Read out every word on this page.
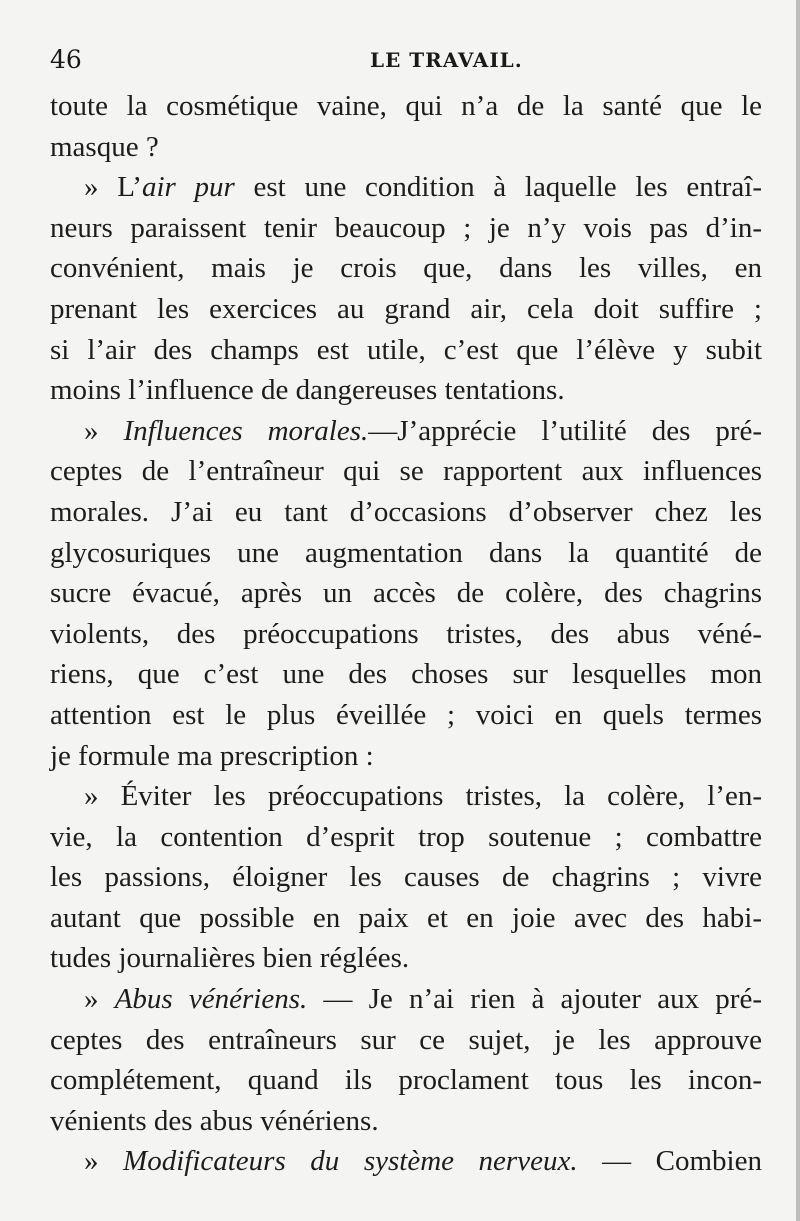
46	LE TRAVAIL.
toute la cosmétique vaine, qui n’a de la santé que le
masque ?
» L’air pur est une condition à laquelle les entraî-
neurs paraissent tenir beaucoup ; je n’y vois pas d’in-
convénient, mais je crois que, dans les villes, en
prenant les exercices au grand air, cela doit suffire ;
si l’air des champs est utile, c’est que l’élève y subit
moins l’influence de dangereuses tentations.
» Influences morales.—J’apprécie l’utilité des pré-
ceptes de l’entraîneur qui se rapportent aux influences
morales. J’ai eu tant d’occasions d’observer chez les
glycosuriques une augmentation dans la quantité de
sucre évacué, après un accès de colère, des chagrins
violents, des préoccupations tristes, des abus véné-
riens, que c’est une des choses sur lesquelles mon
attention est le plus éveillée ; voici en quels termes
je formule ma prescription :
» Éviter les préoccupations tristes, la colère, l’en-
vie, la contention d’esprit trop soutenue ; combattre
les passions, éloigner les causes de chagrins ; vivre
autant que possible en paix et en joie avec des habi-
tudes journalières bien réglées.
» Abus vénériens. — Je n’ai rien à ajouter aux pré-
ceptes des entraîneurs sur ce sujet, je les approuve
complétement, quand ils proclament tous les incon-
vénients des abus vénériens.
» Modificateurs du système nerveux. — Combien
